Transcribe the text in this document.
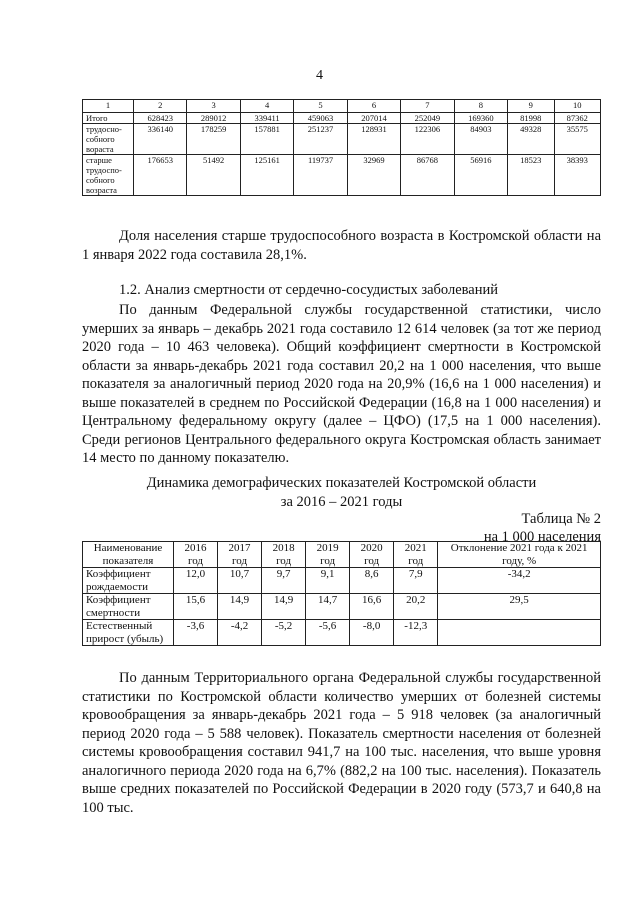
4
1	2	3	4	5	6	7	8	9	10
Итого	628423	289012	339411	459063	207014	252049	169360	81998	87362
трудосно-собного вораста	336140	178259	157881	251237	128931	122306	84903	49328	35575
старше трудоспо-собного возраста	176653	51492	125161	119737	32969	86768	56916	18523	38393

Доля населения старше трудоспособного возраста в Костромской области на 1 января 2022 года составила 28,1%.

1.2. Анализ смертности от сердечно-сосудистых заболеваний

По данным Федеральной службы государственной статистики, число умерших за январь – декабрь 2021 года составило 12 614 человек (за тот же период 2020 года – 10 463 человека). Общий коэффициент смертности в Костромской области за январь-декабрь 2021 года составил 20,2 на 1 000 населения, что выше показателя за аналогичный период 2020 года на 20,9% (16,6 на 1 000 населения) и выше показателей в среднем по Российской Федерации (16,8 на 1 000 населения) и Центральному федеральному округу (далее – ЦФО) (17,5 на 1 000 населения). Среди регионов Центрального федерального округа Костромская область занимает 14 место по данному показателю.

Динамика демографических показателей Костромской области
за 2016 – 2021 годы
Таблица № 2
на 1 000 населения
Наименование показателя	2016 год	2017 год	2018 год	2019 год	2020 год	2021 год	Отклонение 2021 года к 2021 году, %
Коэффициент рождаемости	12,0	10,7	9,7	9,1	8,6	7,9	-34,2
Коэффициент смертности	15,6	14,9	14,9	14,7	16,6	20,2	29,5
Естественный прирост (убыль)	-3,6	-4,2	-5,2	-5,6	-8,0	-12,3	

По данным Территориального органа Федеральной службы государственной статистики по Костромской области количество умерших от болезней системы кровообращения за январь-декабрь 2021 года – 5 918 человек (за аналогичный период 2020 года – 5 588 человек). Показатель смертности населения от болезней системы кровообращения составил 941,7 на 100 тыс. населения, что выше уровня аналогичного периода 2020 года на 6,7% (882,2 на 100 тыс. населения). Показатель выше средних показателей по Российской Федерации в 2020 году (573,7 и 640,8 на 100 тыс.
